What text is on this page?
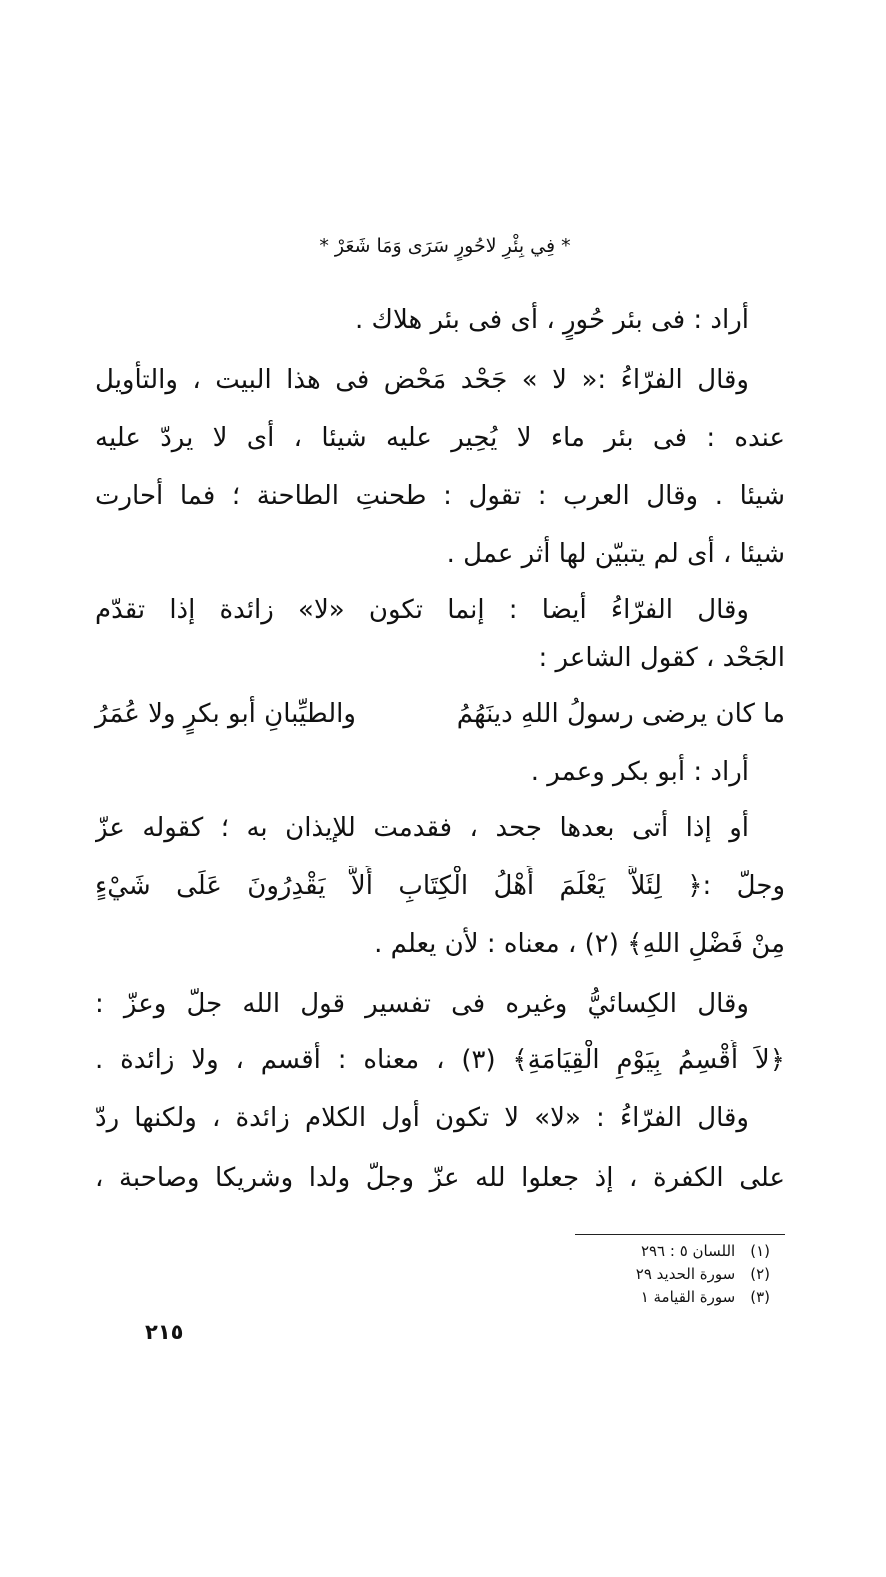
* فِي بِئْرِ لاحُورٍ سَرَى وَمَا شَعَرْ *
أراد : فى بئر حُورٍ ، أى فى بئر هلاك .
وقال الفرّاءُ :« لا » جَحْد مَحْض فى هذا البيت ، والتأويل
عنده : فى بئر ماء لا يُحِير عليه شيئا ، أى لا يردّ عليه
شيئا . وقال العرب : تقول : طحنتِ الطاحنة ؛ فما أحارت
شيئا ، أى لم يتبيّن لها أثر عمل .
وقال الفرّاءُ أيضا : إنما تكون «لا» زائدة إذا تقدّم
الجَحْد ، كقول الشاعر :
ما كان يرضى رسولُ اللهِ دينَهُمُ
والطيِّبانِ أبو بكرٍ ولا عُمَرُ
أراد : أبو بكر وعمر .
أو إذا أتى بعدها جحد ، فقدمت للإيذان به ؛ كقوله عزّ
وجلّ :﴿ لِئَلاَّ يَعْلَمَ أَهْلُ الْكِتَابِ أَلاَّ يَقْدِرُونَ عَلَى شَيْءٍ
مِنْ فَضْلِ اللهِ﴾ (٢) ، معناه : لأن يعلم .
وقال الكِسائيُّ وغيره فى تفسير قول الله جلّ وعزّ :
﴿لاَ أُقْسِمُ بِيَوْمِ الْقِيَامَةِ﴾ (٣) ، معناه : أقسم ، ولا زائدة .
وقال الفرّاءُ : «لا» لا تكون أول الكلام زائدة ، ولكنها ردّ
على الكفرة ، إذ جعلوا لله عزّ وجلّ ولدا وشريكا وصاحبة ،
(١) اللسان ٥ : ٢٩٦
(٢) سورة الحديد ٢٩
(٣) سورة القيامة ١
٢١٥
